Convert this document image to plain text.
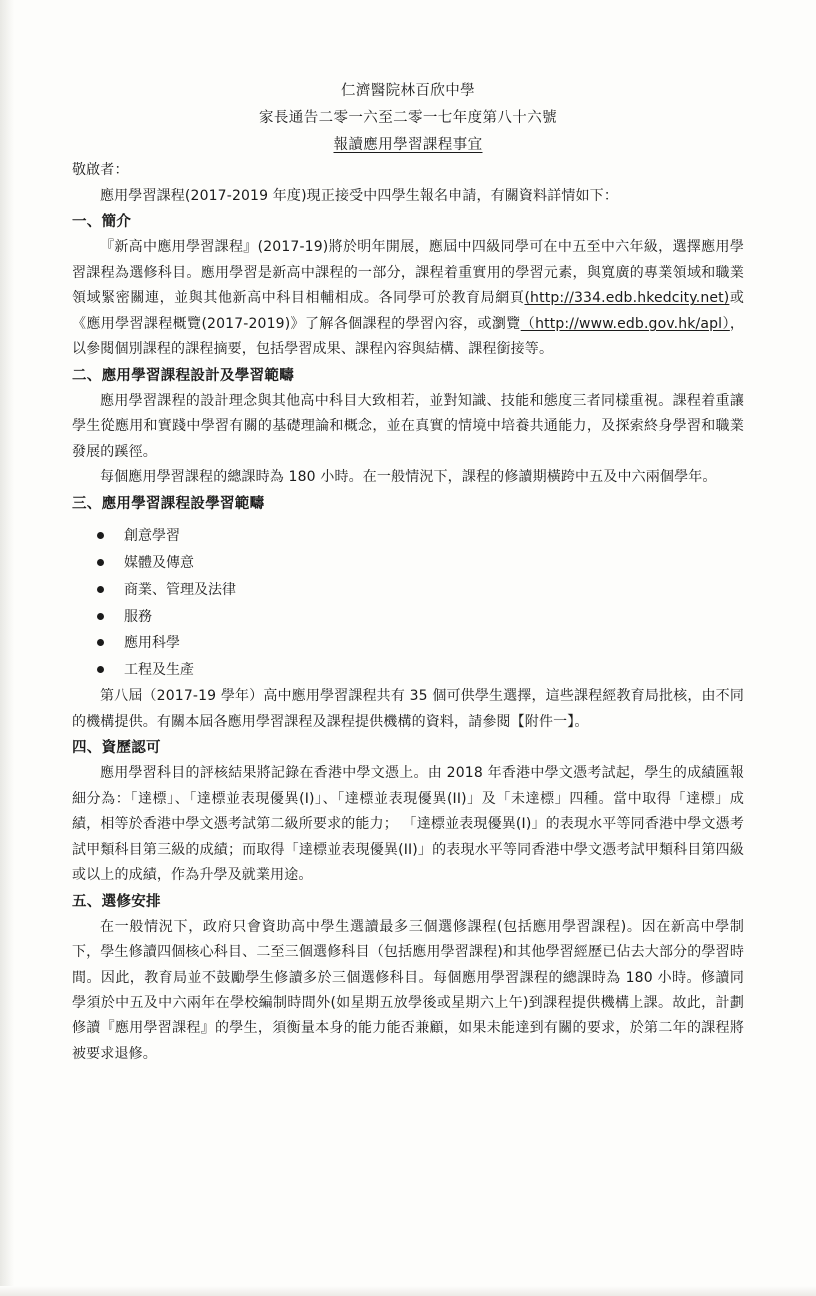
仁濟醫院林百欣中學
家長通告二零一六至二零一七年度第八十六號
報讀應用學習課程事宜

敬啟者：

應用學習課程(2017-2019 年度)現正接受中四學生報名申請，有關資料詳情如下：

一、簡介

『新高中應用學習課程』(2017-19)將於明年開展，應屆中四級同學可在中五至中六年級，選擇應用學習課程為選修科目。應用學習是新高中課程的一部分，課程着重實用的學習元素，與寬廣的專業領域和職業領域緊密關連，並與其他新高中科目相輔相成。各同學可於教育局網頁(http://334.edb.hkedcity.net)或《應用學習課程概覽(2017-2019)》了解各個課程的學習內容，或瀏覽（http://www.edb.gov.hk/apl），以參閱個別課程的課程摘要，包括學習成果、課程內容與結構、課程銜接等。

二、應用學習課程設計及學習範疇

應用學習課程的設計理念與其他高中科目大致相若，並對知識、技能和態度三者同樣重視。課程着重讓學生從應用和實踐中學習有關的基礎理論和概念，並在真實的情境中培養共通能力，及探索終身學習和職業發展的蹊徑。

每個應用學習課程的總課時為 180 小時。在一般情況下，課程的修讀期橫跨中五及中六兩個學年。

三、應用學習課程設學習範疇
創意學習
媒體及傳意
商業、管理及法律
服務
應用科學
工程及生產

第八屆（2017-19 學年）高中應用學習課程共有 35 個可供學生選擇，這些課程經教育局批核，由不同的機構提供。有關本屆各應用學習課程及課程提供機構的資料，請參閱【附件一】。

四、資歷認可

應用學習科目的評核結果將記錄在香港中學文憑上。由 2018 年香港中學文憑考試起，學生的成績匯報細分為：「達標」、「達標並表現優異(I)」、「達標並表現優異(II)」及「未達標」四種。當中取得「達標」成績，相等於香港中學文憑考試第二級所要求的能力； 「達標並表現優異(I)」的表現水平等同香港中學文憑考試甲類科目第三級的成績；而取得「達標並表現優異(II)」的表現水平等同香港中學文憑考試甲類科目第四級或以上的成績，作為升學及就業用途。

五、選修安排

在一般情況下，政府只會資助高中學生選讀最多三個選修課程(包括應用學習課程)。因在新高中學制下，學生修讀四個核心科目、二至三個選修科目（包括應用學習課程)和其他學習經歷已佔去大部分的學習時間。因此，教育局並不鼓勵學生修讀多於三個選修科目。每個應用學習課程的總課時為 180 小時。修讀同學須於中五及中六兩年在學校編制時間外(如星期五放學後或星期六上午)到課程提供機構上課。故此，計劃修讀『應用學習課程』的學生，須衡量本身的能力能否兼顧，如果未能達到有關的要求，於第二年的課程將被要求退修。
